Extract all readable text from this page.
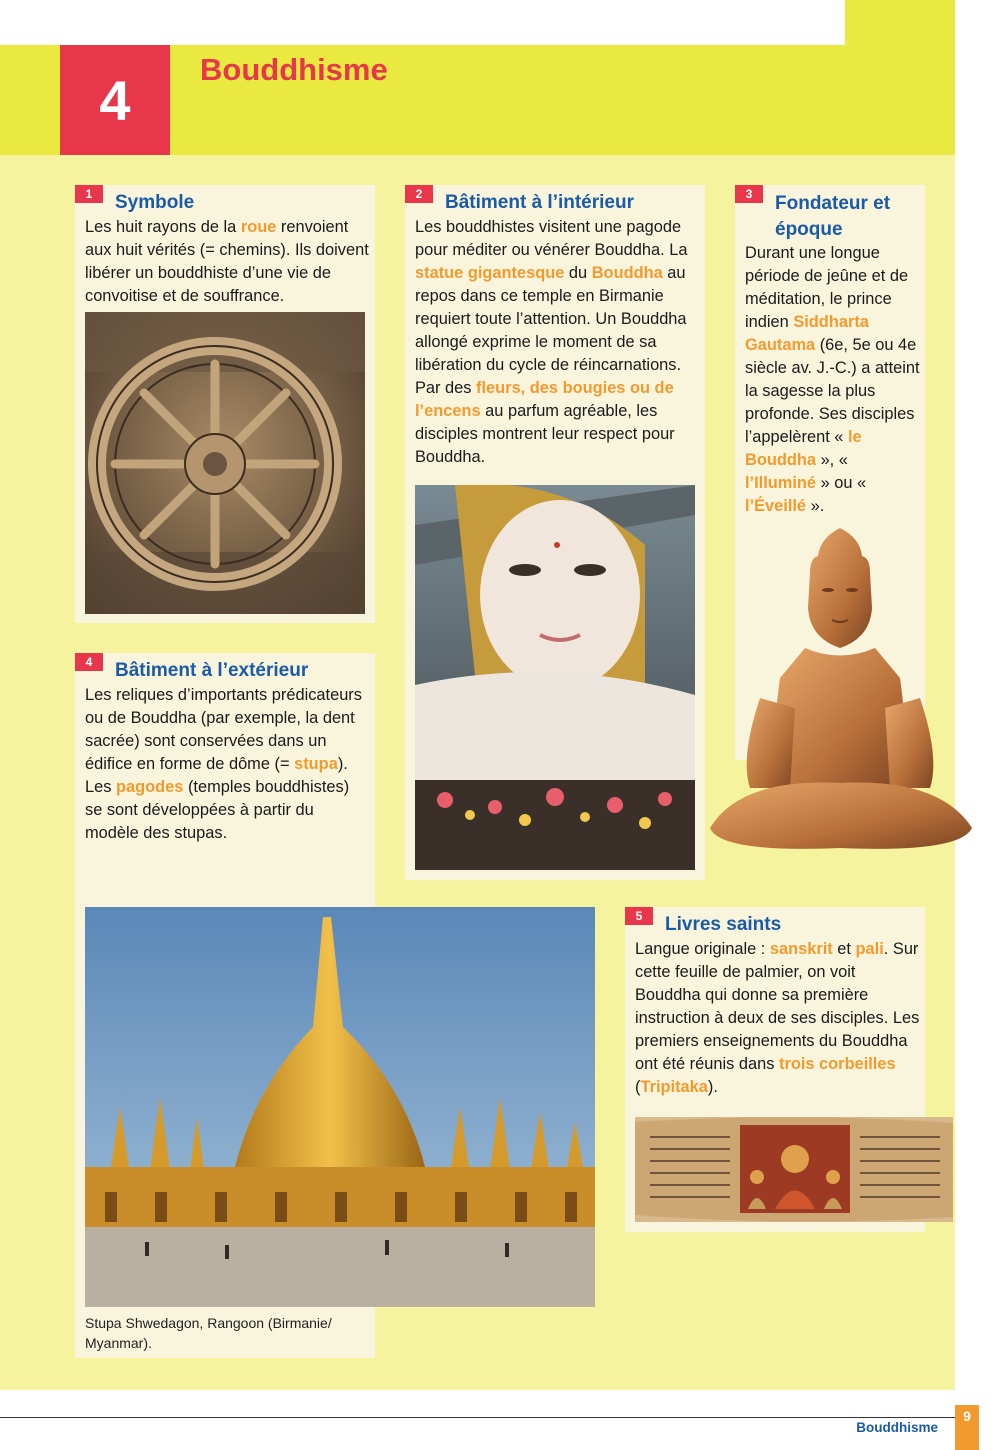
4 Bouddhisme
1	Symbole
Les huit rayons de la roue renvoient aux huit vérités (= chemins). Ils doivent libérer un bouddhiste d’une vie de convoitise et de souffrance.
2	Bâtiment à l’intérieur
Les bouddhistes visitent une pagode pour méditer ou vénérer Bouddha. La statue gigantesque du Bouddha au repos dans ce temple en Birmanie requiert toute l’attention. Un Bouddha allongé exprime le moment de sa libération du cycle de réincarnations. Par des fleurs, des bougies ou de l’encens au parfum agréable, les disciples montrent leur respect pour Bouddha.
3	Fondateur et époque
Durant une longue période de jeûne et de méditation, le prince indien Siddharta Gautama (6e, 5e ou 4e siècle av. J.-C.) a atteint la sagesse la plus profonde. Ses disciples l’appelèrent « le Bouddha », « l’Illuminé » ou « l’Éveillé ».
4	Bâtiment à l’extérieur
Les reliques d’importants prédicateurs ou de Bouddha (par exemple, la dent sacrée) sont conservées dans un édifice en forme de dôme (= stupa). Les pagodes (temples bouddhistes) se sont développées à partir du modèle des stupas.
Stupa Shwedagon, Rangoon (Birmanie/ Myanmar).
5	Livres saints
Langue originale : sanskrit et pali. Sur cette feuille de palmier, on voit Bouddha qui donne sa première instruction à deux de ses disciples. Les premiers enseignements du Bouddha ont été réunis dans trois corbeilles (Tripitaka).
Bouddhisme
9
